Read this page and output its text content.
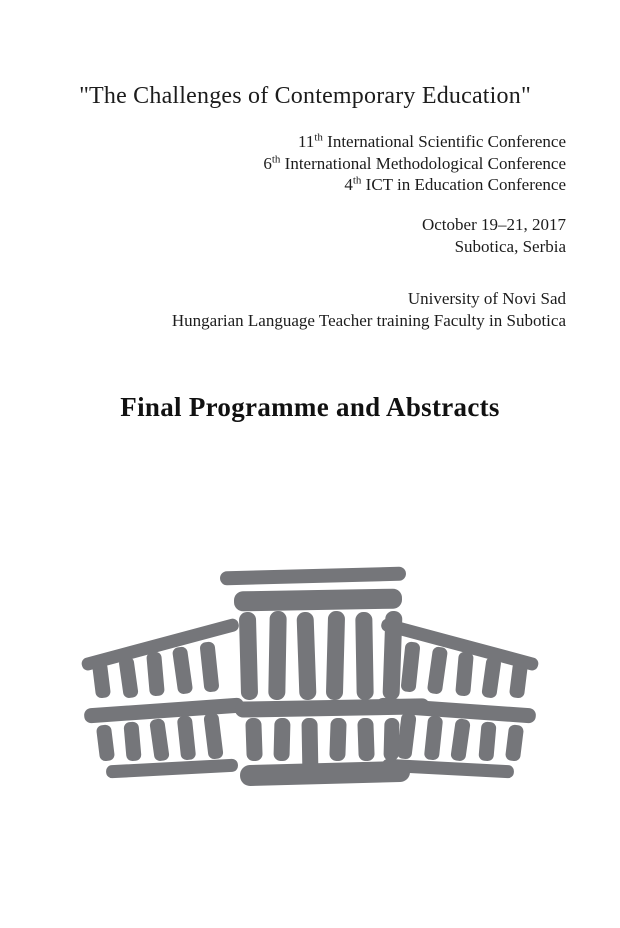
"The Challenges of Contemporary Education"
11th International Scientific Conference
6th International Methodological Conference
4th ICT in Education Conference
October 19–21, 2017
Subotica, Serbia
University of Novi Sad
Hungarian Language Teacher training Faculty in Subotica
Final Programme and Abstracts
